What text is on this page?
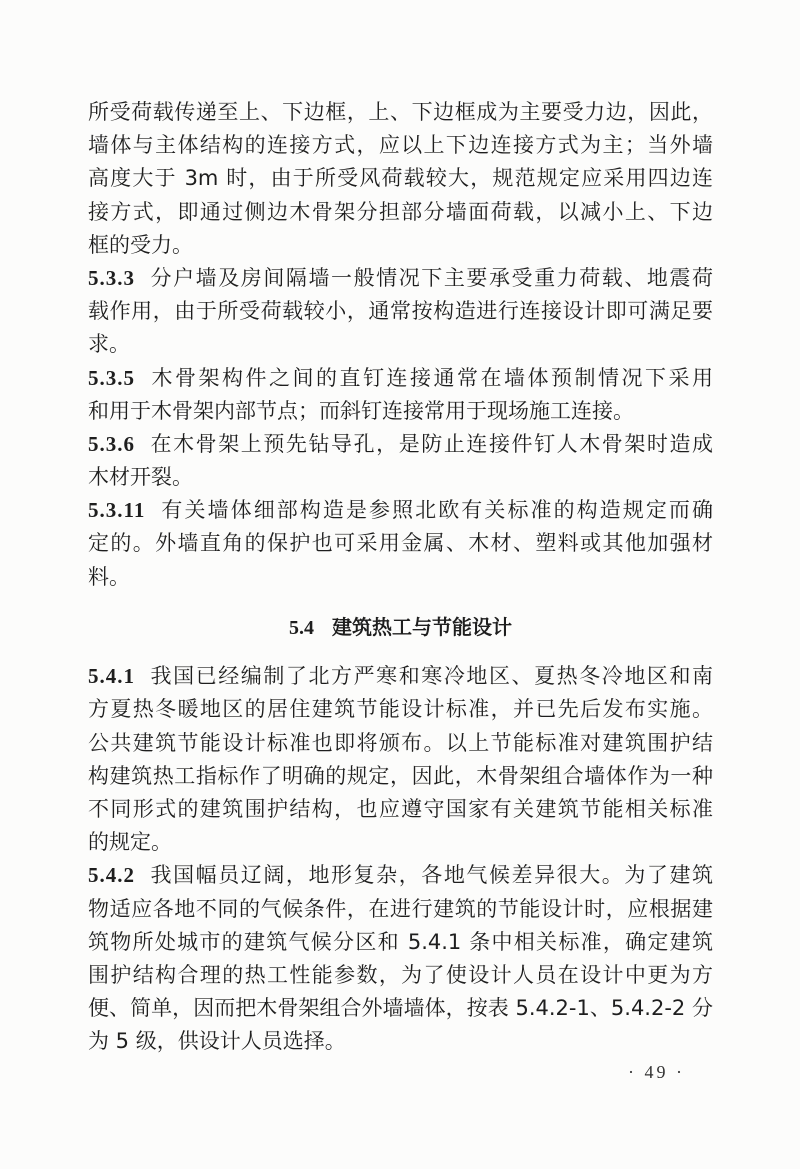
所受荷载传递至上、下边框，上、下边框成为主要受力边，因此，
墙体与主体结构的连接方式，应以上下边连接方式为主；当外墙
高度大于 3m 时，由于所受风荷载较大，规范规定应采用四边连
接方式，即通过侧边木骨架分担部分墙面荷载，以减小上、下边
框的受力。
5.3.3 分户墙及房间隔墙一般情况下主要承受重力荷载、地震荷
载作用，由于所受荷载较小，通常按构造进行连接设计即可满足要
求。
5.3.5 木骨架构件之间的直钉连接通常在墙体预制情况下采用
和用于木骨架内部节点；而斜钉连接常用于现场施工连接。
5.3.6 在木骨架上预先钻导孔，是防止连接件钉人木骨架时造成
木材开裂。
5.3.11 有关墙体细部构造是参照北欧有关标准的构造规定而确
定的。外墙直角的保护也可采用金属、木材、塑料或其他加强材
料。
5.4 建筑热工与节能设计
5.4.1 我国已经编制了北方严寒和寒冷地区、夏热冬冷地区和南
方夏热冬暖地区的居住建筑节能设计标准，并已先后发布实施。
公共建筑节能设计标准也即将颁布。以上节能标准对建筑围护结
构建筑热工指标作了明确的规定，因此，木骨架组合墙体作为一种
不同形式的建筑围护结构，也应遵守国家有关建筑节能相关标准
的规定。
5.4.2 我国幅员辽阔，地形复杂，各地气候差异很大。为了建筑
物适应各地不同的气候条件，在进行建筑的节能设计时，应根据建
筑物所处城市的建筑气候分区和 5.4.1 条中相关标准，确定建筑
围护结构合理的热工性能参数，为了使设计人员在设计中更为方
便、简单，因而把木骨架组合外墙墙体，按表 5.4.2-1、5.4.2-2 分
为 5 级，供设计人员选择。
· 49 ·
